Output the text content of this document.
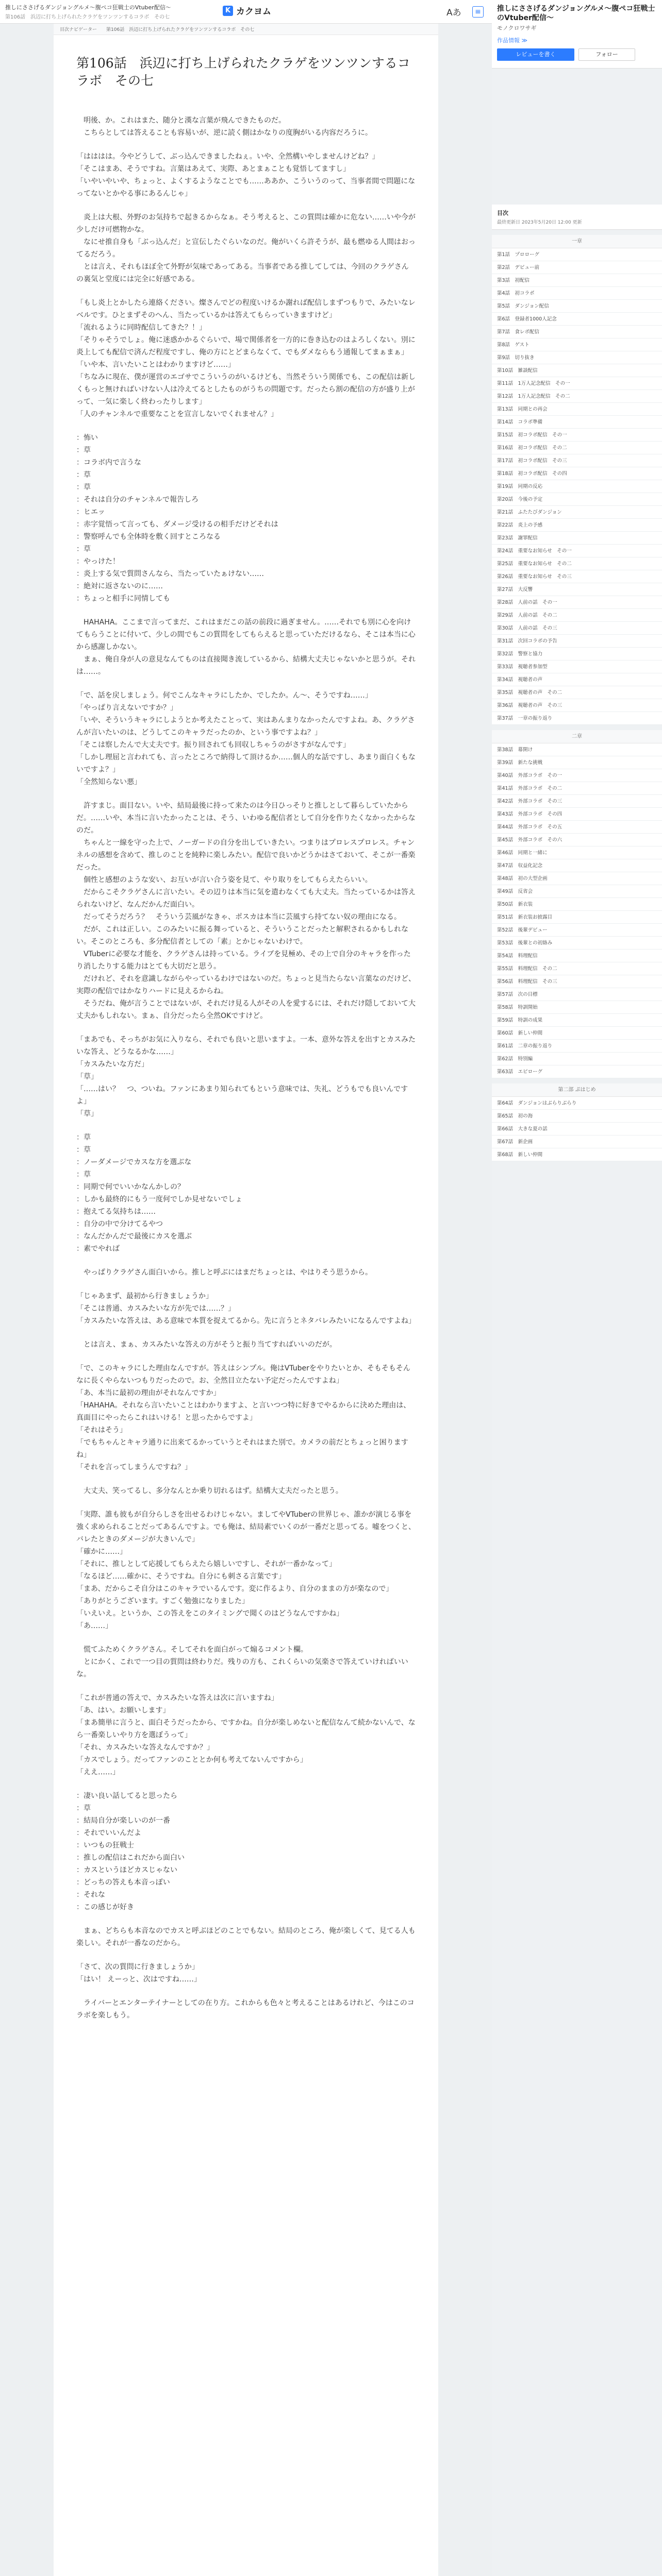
推しにささげるダンジョングルメ～腹ペコ狂戦士のVtuber配信～
第106話　浜辺に打ち上げられたクラゲをツンツンするコラボ　その七
K カクヨム	Aあ	≡
目次ナビゲーター 第106話　浜辺に打ち上げられたクラゲをツンツンするコラボ　その七
第106話　浜辺に打ち上げられたクラゲをツンツンするコラボ　その七

　明後、か。これはまた、随分と漢な言葉が飛んできたものだ。
　こちらとしては答えることも容易いが、逆に読く側はかなりの度胸がいる内容だろうに。

「はははは。今やどうして、ぶっ込んできましたねぇ。いや、全然構いやしませんけどね？」
「そこはまあ、そうですね。言葉はあえて、実際、あとまぁことも覚悟してますし」
「いやいやいや、ちょっと、よくするようなことでも……ああか、こういうのって、当事者間で問題になってないとかやる事にあるんじゃ」

　炎上は大根、外野のお気持ちで起きるからなぁ。そう考えると、この質問は確かに危ない……いや今が少しだけ可燃物かな。
　なにせ推自身も「ぶっ込んだ」と宣伝したぐらいなのだ。俺がいくら許そうが、最も燃ゆる人間はおってるだろう。
　とは言え、それもほぼ全て外野が気味であってある。当事者である推してしては、今回のクラゲさんの裏気と堂度には完全に好感である。

「もし炎上とかしたら連絡ください。燦さんでどの程度いけるか謝れば配信しまずつもりで、みたいなレベルです。ひとまずそのへん、当たっているかは答えてもらっていきますけど」
「流れるように同時配信してきた？！」
「そりゃそうでしょ。俺に迷惑かかるぐらいで、場で関係者を一方的に巻き込むのはよろしくない。別に炎上しても配信で済んだ程度ですし、俺の方にとどまらなくて、でもダメならもう通報してまぁまぁ」
「いや本、言いたいことはわかりますけど……」
「ちなみに現在、僕が運営のエゴサでこういうのがいるけども、当然そういう関係でも、この配信は新しくもっと無ければいけない人は冷えてるとしたものがうちの問題です。だったら割の配信の方が盛り上がって、一気に楽しく終わったりします」
「人のチャンネルで重要なことを宣言しないでくれません？」

：怖い
：草
：コラボ内で言うな
：草
：草
：それは自分のチャンネルで報告しろ
：ヒエッ
：赤字覚悟って言っても、ダメージ受けるの相手だけどそれは
：警察呼んでも全体時を敷く回すところなる
：草
：やっけた！
：炎上する気で質問さんなら、当たっていたぁけない……
：絶対に返さないのに……
：ちょっと相手に同情しても

　HAHAHA。ここまで言ってまだ、これはまだこの話の前段に過ぎません。……それでも別に心を向けてもらうことに付いて、少しの間でもこの質問をしてもらえると思っていただけるなら、そこは本当に心から感謝しかない。
　まぁ、俺自身が人の意見なんてものは直接聞き流しているから、結構大丈夫じゃないかと思うが。それは……。

「で、話を戻しましょう。何でこんなキャラにしたか、でしたか。ん～、そうですね……」
「やっぱり言えないですか？」
「いや、そういうキャラにしようとか考えたことって、実はあんまりなかったんですよね。あ、クラゲさんが言いたいのは、どうしてこのキャラだったのか、という事ですよね？」
「そこは察したんで大丈夫です。振り回されても回収しちゃうのがさすがなんです」
「しかし理屈と言われても、言ったところで納得して頂けるか……個人的な話ですし、あまり面白くもないですよ？」
「全然知らない悪」

　許すまじ。面目ない。いや、結局最後に持って来たのは今日ひっそりと推しとして暮らしていたからだ。……いや、本当に言いたかったことは、そう、いわゆる配信者として自分を作りたくなかったからなのだ。
　ちゃんと一線を守った上で、ノーガードの自分を出していきたい。つまりはプロレスプロレス。チャンネルの感想を含めて、推しのことを純粋に楽しみたい。配信で良いかどうかはさておいて、そこが一番楽だった。
　個性と感想のような安い、お互いが言い合う姿を見て、やり取りをしてもらえたらいい。
　だからこそクラゲさんに言いたい。その辺りは本当に気を遣わなくても大丈夫。当たっているかは答えられないけど、なんだかんだ面白い。
　だってそうだろう？　そういう芸風がなきゃ、ポスカは本当に芸風すら持てない奴の理由になる。
　だが、これは正しい。このみたいに振る舞っていると、そういうことだったと解釈されるかもしれない。そこのところも、多分配信者としての「素」とかじゃないわけで。
　VTuberに必要な才能を、クラゲさんは持っている。ライブを見極め、その上で自分のキャラを作ったり消したりする能力はとても大切だと思う。
　だけれど、それを意識しながらやっているわけではないのだ。ちょっと見当たらない言葉なのだけど、実際の配信ではかなりハードに見えるからね。
　そうだね、俺が言うことではないが、それだけ見る人がその人を愛するには、それだけ隠しておいて大丈夫かもしれない。まぁ、自分だったら全然OKですけど。

「まあでも、そっちがお気に入りなら、それでも良いと思いますよ。一本、意外な答えを出すとカスみたいな答え、どうなるかな……」
「カスみたいな方だ」
「草」
「……はい？　つ、ついね。ファンにあまり知られてもという意味では、失礼、どうもでも良いんですよ」
「草」

：草
：草
：ノーダメージでカスな方を選ぶな
：草
：同期で何でいいかなんかしの？
：しかも最終的にもう一度何でしか見せないでしょ
：抱えてる気持ちは……
：自分の中で分けてるやつ
：なんだかんだで最後にカスを選ぶ
：素でやれば

　やっぱりクラゲさん面白いから。推しと呼ぶにはまだちょっとは、やはりそう思うから。

「じゃあまず、最初から行きましょうか」
「そこは普通、カスみたいな方が先では……？」
「カスみたいな答えは、ある意味で本質を捉えてるから。先に言うとネタバレみたいになるんですよね」

　とは言え、まぁ、カスみたいな答えの方がそうと振り当てすればいいのだが。

「で、このキャラにした理由なんですが。答えはシンプル。俺はVTuberをやりたいとか、そもそもそんなに長くやらないつもりだったので。お、全然目立たない予定だったんですよね」
「あ、本当に最初の理由がそれなんですか」
「HAHAHA。それなら言いたいことはわかりますよ、と言いつつ特に好きでやるからに決めた理由は、真面目にやったらこれはいける！と思ったからですよ」
「それはそう」
「でもちゃんとキャラ通りに出来てるかっていうとそれはまた別で。カメラの前だとちょっと困りますね」
「それを言ってしまうんですね？」

　大丈夫、笑ってるし、多分なんとか乗り切れるはず。結構大丈夫だったと思う。

「実際、誰も彼もが自分らしさを出せるわけじゃない。ましてやVTuberの世界じゃ、誰かが演じる事を強く求められることだってあるんですよ。でも俺は、結局素でいくのが一番だと思ってる。嘘をつくと、バレたときのダメージが大きいんで」
「確かに……」
「それに、推しとして応援してもらえたら嬉しいですし、それが一番かなって」
「なるほど……確かに、そうですね。自分にも刺さる言葉です」
「まあ、だからこそ自分はこのキャラでいるんです。変に作るより、自分のままの方が楽なので」
「ありがとうございます。すごく勉強になりました」
「いえいえ。というか、この答えをこのタイミングで聞くのはどうなんですかね」
「あ……」

　慌てふためくクラゲさん。そしてそれを面白がって煽るコメント欄。
　とにかく、これで一つ目の質問は終わりだ。残りの方も、これくらいの気楽さで答えていければいいな。

「これが普通の答えで、カスみたいな答えは次に言いますね」
「あ、はい。お願いします」
「まあ簡単に言うと、面白そうだったから、ですかね。自分が楽しめないと配信なんて続かないんで、なら一番楽しいやり方を選ぼうって」
「それ、カスみたいな答えなんですか？」
「カスでしょう。だってファンのこととか何も考えてないんですから」
「ええ……」

：凄い良い話してると思ったら
：草
：結局自分が楽しいのが一番
：それでいいんだよ
：いつもの狂戦士
：推しの配信はこれだから面白い
：カスというほどカスじゃない
：どっちの答えも本音っぽい
：それな
：この感じが好き

　まぁ、どちらも本音なのでカスと呼ぶほどのことでもない。結局のところ、俺が楽しくて、見てる人も楽しい。それが一番なのだから。

「さて、次の質問に行きましょうか」
「はい！ えーっと、次はですね……」

　ライバーとエンターテイナーとしての在り方。これからも色々と考えることはあるけれど、今はこのコラボを楽しもう。

推しにささげるダンジョングルメ～腹ペコ狂戦士のVtuber配信～
モノクロワサギ
作品情報 ≫
レビューを書く	フォロー
目次
最終更新日 2023年5月20日 12:00 更新
一章
第1話　プロローグ
第2話　デビュー前
第3話　初配信
第4話　初コラボ
第5話　ダンジョン配信
第6話　登録者1000人記念
第7話　食レポ配信
第8話　ゲスト
第9話　切り抜き
第10話　雑談配信
第11話　1万人記念配信　その一
第12話　1万人記念配信　その二
第13話　同期との再会
第14話　コラボ準備
第15話　初コラボ配信　その一
第16話　初コラボ配信　その二
第17話　初コラボ配信　その三
第18話　初コラボ配信　その四
第19話　同期の反応
第20話　今後の予定
第21話　ふたたびダンジョン
第22話　炎上の予感
第23話　謝罪配信
第24話　重要なお知らせ　その一
第25話　重要なお知らせ　その二
第26話　重要なお知らせ　その三
第27話　大反響
第28話　人前の話　その一
第29話　人前の話　その二
第30話　人前の話　その三
第31話　次回コラボの予告
第32話　警察と協力
第33話　視聴者参加型
第34話　視聴者の声
第35話　視聴者の声　その二
第36話　視聴者の声　その三
第37話　一章の振り返り
二章
第38話　幕開け
第39話　新たな挑戦
第40話　外部コラボ　その一
第41話　外部コラボ　その二
第42話　外部コラボ　その三
第43話　外部コラボ　その四
第44話　外部コラボ　その五
第45話　外部コラボ　その六
第46話　同期と一緒に
第47話　収益化記念
第48話　初の大型企画
第49話　反省会
第50話　新衣装
第51話　新衣装お披露目
第52話　後輩デビュー
第53話　後輩との初絡み
第54話　料理配信
第55話　料理配信　その二
第56話　料理配信　その三
第57話　次の目標
第58話　特訓開始
第59話　特訓の成果
第60話　新しい仲間
第61話　二章の振り返り
第62話　特別編
第63話　エピローグ
第二部 ぷはじめ
第64話　ダンジョンはぶらりぶらり
第65話　初の海
第66話　大きな夏の話
第67話　新企画
第68話　新しい仲間
